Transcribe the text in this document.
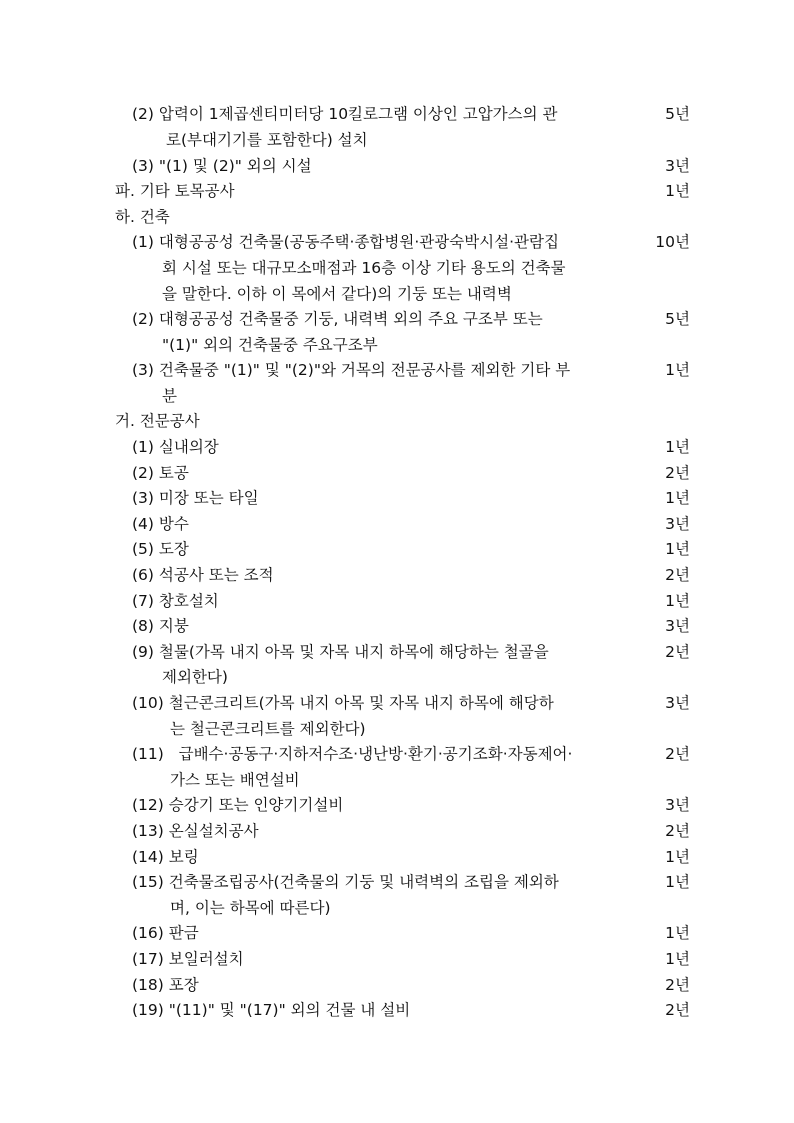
(2) 압력이 1제곱센티미터당 10킬로그램 이상인 고압가스의 관	5년
로(부대기기를 포함한다) 설치
(3) "(1) 및 (2)" 외의 시설	3년
파. 기타 토목공사	1년
하. 건축
(1) 대형공공성 건축물(공동주택·종합병원·관광숙박시설·관람집	10년
회 시설 또는 대규모소매점과 16층 이상 기타 용도의 건축물
을 말한다. 이하 이 목에서 같다)의 기둥 또는 내력벽
(2) 대형공공성 건축물중 기둥, 내력벽 외의 주요 구조부 또는	5년
"(1)" 외의 건축물중 주요구조부
(3) 건축물중 "(1)" 및 "(2)"와 거목의 전문공사를 제외한 기타 부	1년
분
거. 전문공사
(1) 실내의장	1년
(2) 토공	2년
(3) 미장 또는 타일	1년
(4) 방수	3년
(5) 도장	1년
(6) 석공사 또는 조적	2년
(7) 창호설치	1년
(8) 지붕	3년
(9) 철물(가목 내지 아목 및 자목 내지 하목에 해당하는 철골을	2년
제외한다)
(10) 철근콘크리트(가목 내지 아목 및 자목 내지 하목에 해당하	3년
는 철근콘크리트를 제외한다)
(11)   급배수·공동구·지하저수조·냉난방·환기·공기조화·자동제어·	2년
가스 또는 배연설비
(12) 승강기 또는 인양기기설비	3년
(13) 온실설치공사	2년
(14) 보링	1년
(15) 건축물조립공사(건축물의 기둥 및 내력벽의 조립을 제외하	1년
며, 이는 하목에 따른다)
(16) 판금	1년
(17) 보일러설치	1년
(18) 포장	2년
(19) "(11)" 및 "(17)" 외의 건물 내 설비	2년
